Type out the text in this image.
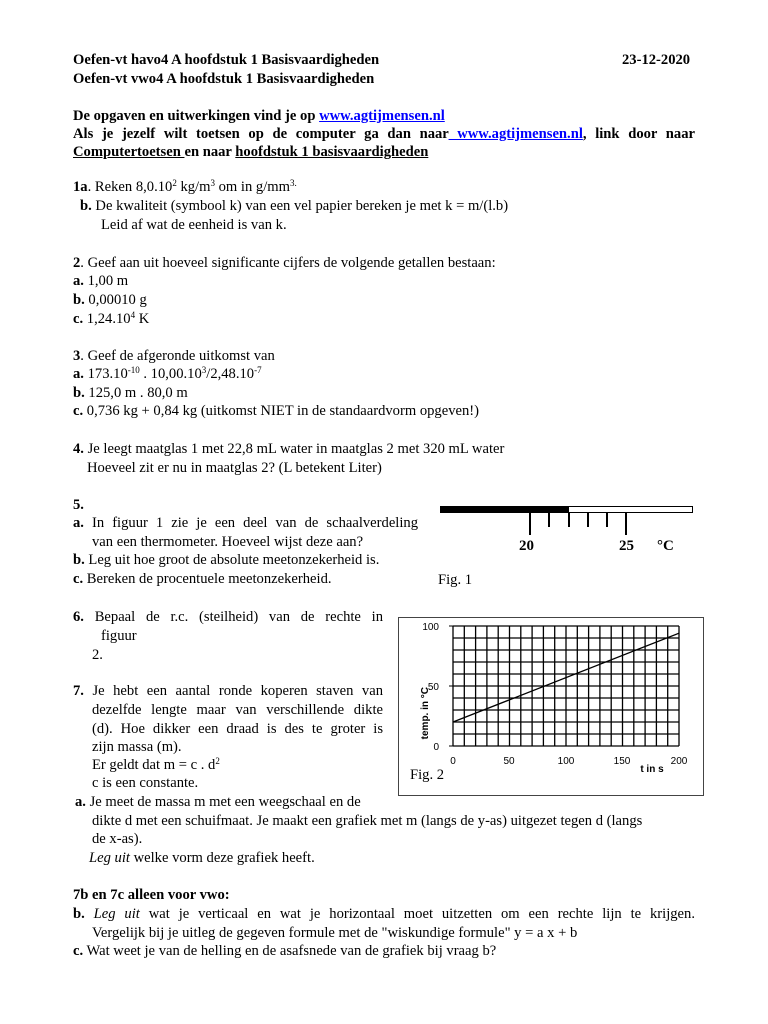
Oefen-vt havo4 A hoofdstuk 1 Basisvaardigheden	23-12-2020
Oefen-vt vwo4 A hoofdstuk 1 Basisvaardigheden
De opgaven en uitwerkingen vind je op www.agtijmensen.nl
Als je jezelf wilt toetsen op de computer ga dan naar www.agtijmensen.nl, link door naar
Computertoetsen en naar hoofdstuk 1 basisvaardigheden
1a. Reken 8,0.10$^2$ $kg/m^3$ om in $g/mm^{3.}$
b. De kwaliteit (symbool k) van een vel papier bereken je met k = m/(l.b)
Leid af wat de eenheid is van k.
2. Geef aan uit hoeveel significante cijfers de volgende getallen bestaan:
a. 1,00 m
b. 0,00010 g
c. 1,24.10$^4$ K
3. Geef de afgeronde uitkomst van
a. $173.10^{-10}$ . $10,00.10^3/2,48.10^{-7}$
b. 125,0 m . 80,0 m
c. 0,736 kg + 0,84 kg (uitkomst NIET in de standaardvorm opgeven!)
4. Je leegt maatglas 1 met 22,8 mL water in maatglas 2 met 320 mL water
Hoeveel zit er nu in maatglas 2? (L betekent Liter)
5.
a. In figuur 1 zie je een deel van de schaalverdeling
van een thermometer. Hoeveel wijst deze aan?
b. Leg uit hoe groot de absolute meetonzekerheid is.
c. Bereken de procentuele meetonzekerheid.
20	25 °C
Fig. 1
6. Bepaal de r.c. (steilheid) van de rechte in
figuur
2.
7. Je hebt een aantal ronde koperen staven van
dezelfde lengte maar van verschillende dikte
(d). Hoe dikker een draad is des te groter is
zijn massa (m).
Er geldt dat m = c . $d^2$
c is een constante.
a. Je meet de massa m met een weegschaal en de
dikte d met een schuifmaat. Je maakt een grafiek met m (langs de y-as) uitgezet tegen d (langs
de x-as).
Leg uit welke vorm deze grafiek heeft.
7b en 7c alleen voor vwo:
b. Leg uit wat je verticaal en wat je horizontaal moet uitzetten om een rechte lijn te krijgen.
Vergelijk bij je uitleg de gegeven formule met de "wiskundige formule" y = a x + b
c. Wat weet je van de helling en de asafsnede van de grafiek bij vraag b?
100
50
0
0	50	100	150	200
t in s
temp. in °C
Fig. 2
